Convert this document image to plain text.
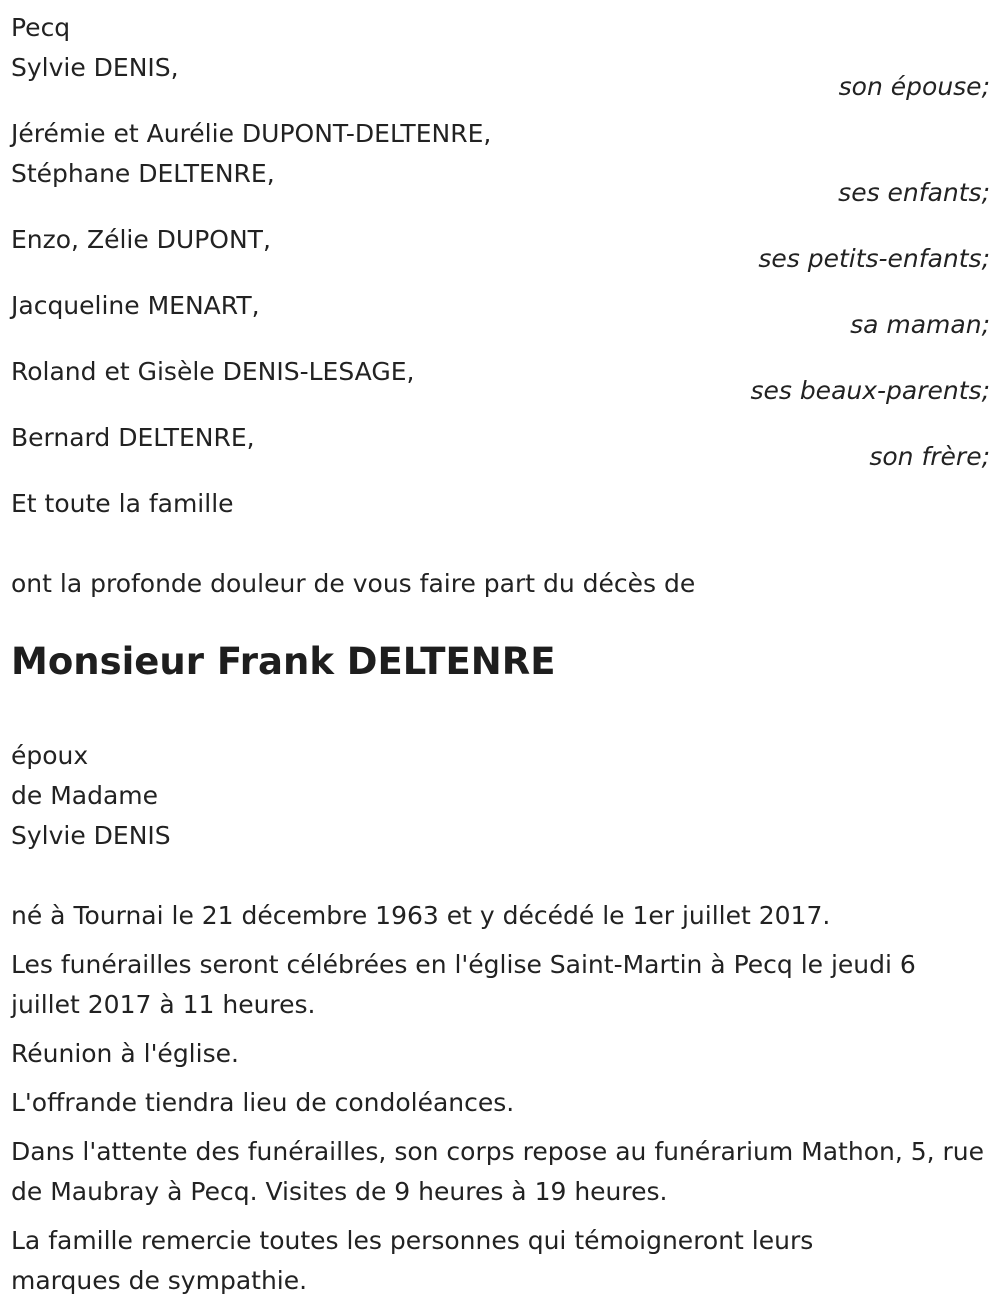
Pecq
Sylvie DENIS,
son épouse;
Jérémie et Aurélie DUPONT-DELTENRE,
Stéphane DELTENRE,
ses enfants;
Enzo, Zélie DUPONT,
ses petits-enfants;
Jacqueline MENART,
sa maman;
Roland et Gisèle DENIS-LESAGE,
ses beaux-parents;
Bernard DELTENRE,
son frère;
Et toute la famille
ont la profonde douleur de vous faire part du décès de
Monsieur Frank DELTENRE
époux
de Madame
Sylvie DENIS
né à Tournai le 21 décembre 1963 et y décédé le 1er juillet 2017.
Les funérailles seront célébrées en l'église Saint-Martin à Pecq le jeudi 6 juillet 2017 à 11 heures.
Réunion à l'église.
L'offrande tiendra lieu de condoléances.
Dans l'attente des funérailles, son corps repose au funérarium Mathon, 5, rue de Maubray à Pecq. Visites de 9 heures à 19 heures.
La famille remercie toutes les personnes qui témoigneront leurs marques de sympathie.
